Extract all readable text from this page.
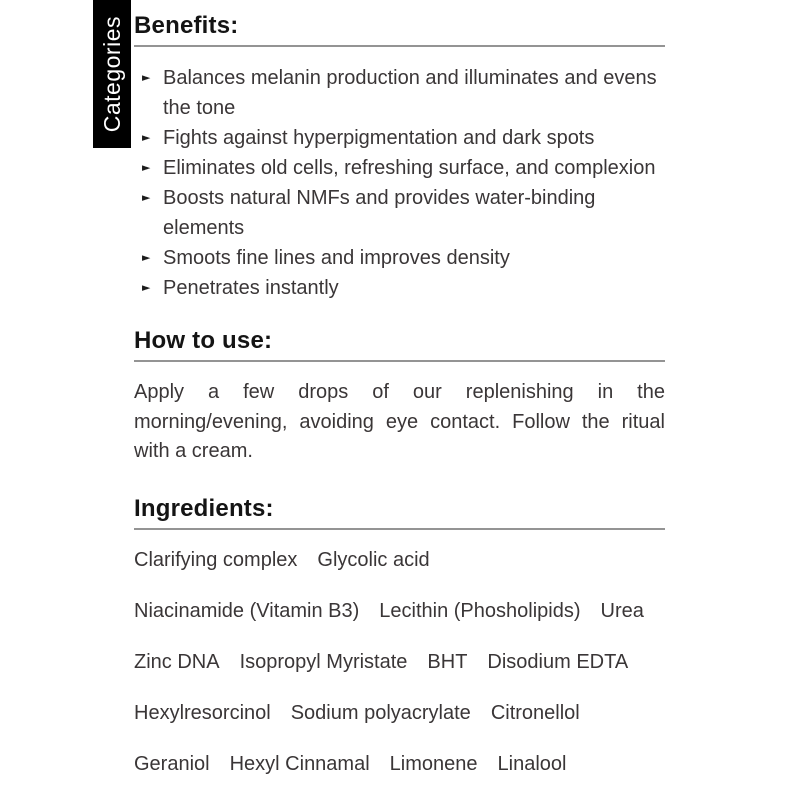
Categories Benefits:
► Balances melanin production and illuminates and evens the tone
► Fights against hyperpigmentation and dark spots
► Eliminates old cells, refreshing surface, and complexion
► Boosts natural NMFs and provides water-binding elements
► Smoots fine lines and improves density
► Penetrates instantly
How to use:

Apply a few drops of our replenishing in the morning/evening, avoiding eye contact. Follow the ritual with a cream.

Ingredients:
Clarifying complex Glycolic acid
Niacinamide (Vitamin B3) Lecithin (Phosholipids) Urea
Zinc DNA Isopropyl Myristate BHT Disodium EDTA
Hexylresorcinol Sodium polyacrylate Citronellol
Geraniol Hexyl Cinnamal Limonene Linalool
